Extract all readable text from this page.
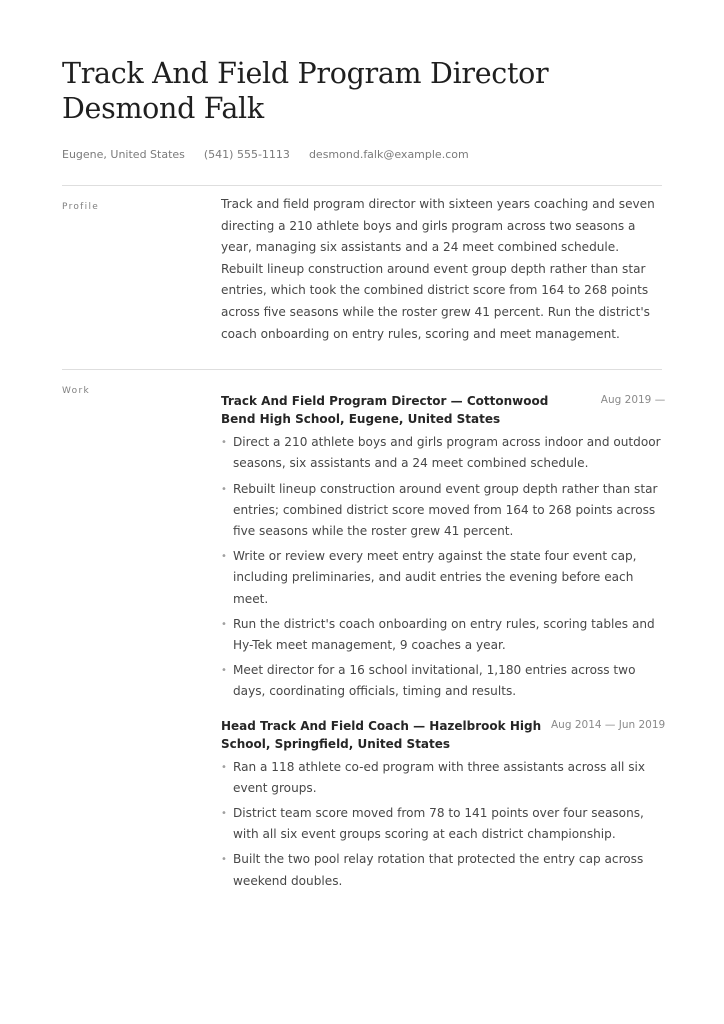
Track And Field Program Director
Desmond Falk
Eugene, United States (541) 555-1113 desmond.falk@example.com
Profile	Track and field program director with sixteen years coaching and seven directing a 210 athlete boys and girls program across two seasons a year, managing six assistants and a 24 meet combined schedule. Rebuilt lineup construction around event group depth rather than star entries, which took the combined district score from 164 to 268 points across five seasons while the roster grew 41 percent. Run the district's coach onboarding on entry rules, scoring and meet management.

Work
Track And Field Program Director — Cottonwood Bend High School, Eugene, United States
Aug 2019 —
• Direct a 210 athlete boys and girls program across indoor and outdoor seasons, six assistants and a 24 meet combined schedule.
• Rebuilt lineup construction around event group depth rather than star entries; combined district score moved from 164 to 268 points across five seasons while the roster grew 41 percent.
• Write or review every meet entry against the state four event cap, including preliminaries, and audit entries the evening before each meet.
• Run the district's coach onboarding on entry rules, scoring tables and Hy-Tek meet management, 9 coaches a year.
• Meet director for a 16 school invitational, 1,180 entries across two days, coordinating officials, timing and results.
Head Track And Field Coach — Hazelbrook High School, Springfield, United States
Aug 2014 — Jun 2019
• Ran a 118 athlete co-ed program with three assistants across all six event groups.
• District team score moved from 78 to 141 points over four seasons, with all six event groups scoring at each district championship.
• Built the two pool relay rotation that protected the entry cap across weekend doubles.
